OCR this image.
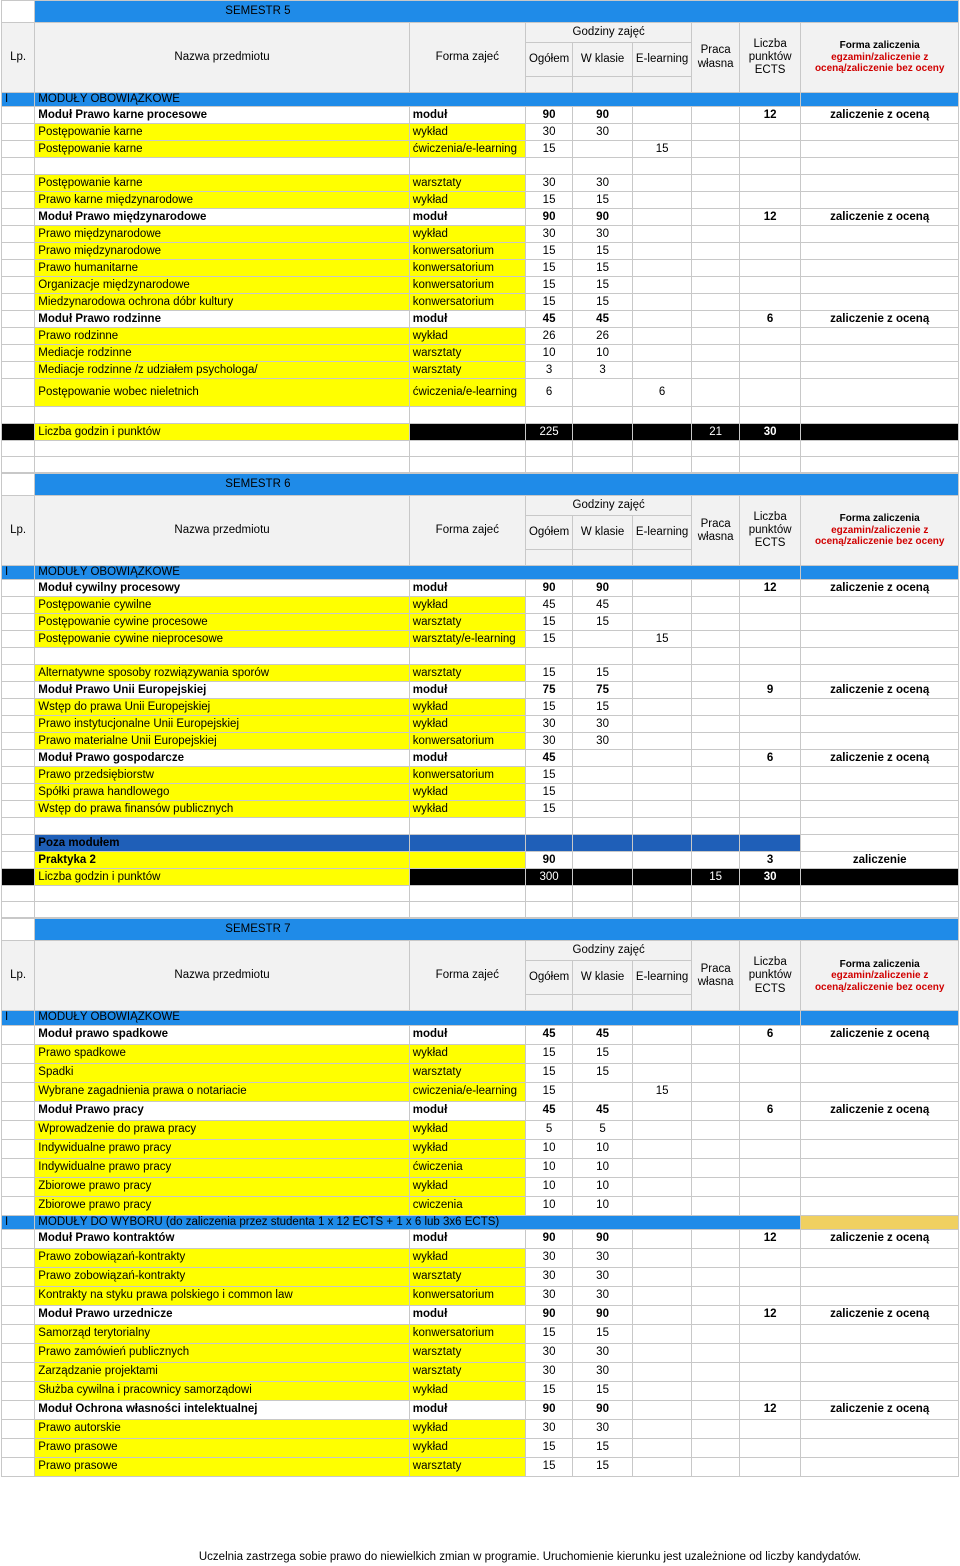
	SEMESTR 5							
Lp.	Nazwa przedmiotu	Forma zajeć	Godziny zajęć			Praca
własna	Liczba
punktów
ECTS	Forma zaliczenia
egzamin/zaliczenie z
oceną/zaliczenie bez oceny
			Ogółem	W klasie	E-learning			

I	MODUŁY OBOWIĄZKOWE							
	Moduł Prawo karne procesowe	moduł	90	90			12	zaliczenie z oceną
	Postępowanie karne	wykład	30	30				
	Postępowanie karne	ćwiczenia/e-learning	15		15			

	Postępowanie karne	warsztaty	30	30				
	Prawo karne międzynarodowe	wykład	15	15				
	Moduł Prawo międzynarodowe	moduł	90	90			12	zaliczenie z oceną
	Prawo międzynarodowe	wykład	30	30				
	Prawo międzynarodowe	konwersatorium	15	15				
	Prawo humanitarne	konwersatorium	15	15				
	Organizacje międzynarodowe	konwersatorium	15	15				
	Miedzynarodowa ochrona dóbr kultury	konwersatorium	15	15				
	Moduł Prawo rodzinne	moduł	45	45			6	zaliczenie z oceną
	Prawo rodzinne	wykład	26	26				
	Mediacje rodzinne	warsztaty	10	10				
	Mediacje rodzinne /z udziałem psychologa/	warsztaty	3	3				
	Postępowanie wobec nieletnich	ćwiczenia/e-learning	6		6			

	Liczba godzin i punktów		225			21	30	

	SEMESTR 6							
Lp.	Nazwa przedmiotu	Forma zajeć	Godziny zajęć			Praca
własna	Liczba
punktów
ECTS	Forma zaliczenia
egzamin/zaliczenie z
oceną/zaliczenie bez oceny
			Ogółem	W klasie	E-learning			

I	MODUŁY OBOWIĄZKOWE							
	Moduł cywilny procesowy	moduł	90	90			12	zaliczenie z oceną
	Postępowanie cywilne	wykład	45	45				
	Postępowanie cywine procesowe	warsztaty	15	15				
	Postępowanie cywine nieprocesowe	warsztaty/e-learning	15		15			

	Alternatywne sposoby rozwiązywania sporów	warsztaty	15	15				
	Moduł Prawo Unii Europejskiej	moduł	75	75			9	zaliczenie z oceną
	Wstęp do prawa Unii Europejskiej	wykład	15	15				
	Prawo instytucjonalne Unii Europejskiej	wykład	30	30				
	Prawo materialne Unii Europejskiej	konwersatorium	30	30				
	Moduł Prawo gospodarcze	moduł	45				6	zaliczenie z oceną
	Prawo przedsiębiorstw	konwersatorium	15					
	Spółki prawa handlowego	wykład	15					
	Wstęp do prawa finansów publicznych	wykład	15					

	Poza modułem							
	Praktyka 2		90				3	zaliczenie
	Liczba godzin i punktów		300			15	30	

	SEMESTR 7							
Lp.	Nazwa przedmiotu	Forma zajeć	Godziny zajęć			Praca
własna	Liczba
punktów
ECTS	Forma zaliczenia
egzamin/zaliczenie z
oceną/zaliczenie bez oceny
			Ogółem	W klasie	E-learning			

I	MODUŁY OBOWIĄZKOWE							
	Moduł prawo spadkowe	moduł	45	45			6	zaliczenie z oceną
	Prawo spadkowe	wykład	15	15				
	Spadki	warsztaty	15	15				
	Wybrane zagadnienia prawa o notariacie	cwiczenia/e-learning	15		15			
	Moduł Prawo pracy	moduł	45	45			6	zaliczenie z oceną
	Wprowadzenie do prawa pracy	wykład	5	5				
	Indywidualne prawo pracy	wykład	10	10				
	Indywidualne prawo pracy	ćwiczenia	10	10				
	Zbiorowe prawo pracy	wykład	10	10				
	Zbiorowe prawo pracy	cwiczenia	10	10				
I	MODUŁY DO WYBORU (do zaliczenia przez studenta 1 x 12 ECTS + 1 x 6 lub 3x6 ECTS)							
	Moduł Prawo kontraktów	moduł	90	90			12	zaliczenie z oceną
	Prawo zobowiązań-kontrakty	wykład	30	30				
	Prawo zobowiązań-kontrakty	warsztaty	30	30				
	Kontrakty na styku prawa polskiego i common law	konwersatorium	30	30				
	Moduł Prawo urzednicze	moduł	90	90			12	zaliczenie z oceną
	Samorząd terytorialny	konwersatorium	15	15				
	Prawo zamówień publicznych	warsztaty	30	30				
	Zarządzanie projektami	warsztaty	30	30				
	Służba cywilna i pracownicy samorządowi	wykład	15	15				
	Moduł Ochrona własności intelektualnej	moduł	90	90			12	zaliczenie z oceną
	Prawo autorskie	wykład	30	30				
	Prawo prasowe	wykład	15	15				
	Prawo prasowe	warsztaty	15	15				
Uczelnia zastrzega sobie prawo do niewielkich zmian w programie. Uruchomienie kierunku jest uzależnione od liczby kandydatów.
